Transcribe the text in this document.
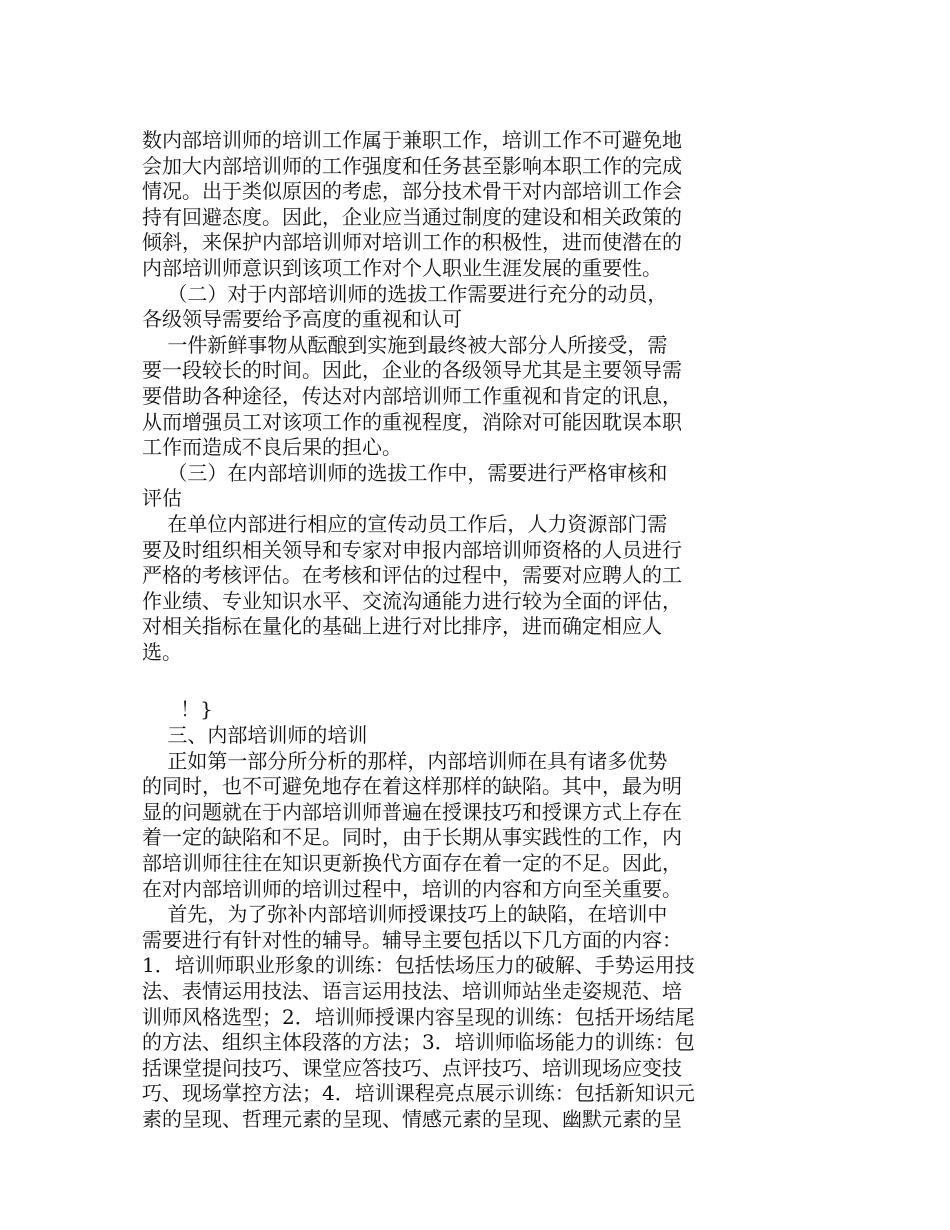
数内部培训师的培训工作属于兼职工作，培训工作不可避免地
会加大内部培训师的工作强度和任务甚至影响本职工作的完成
情况。出于类似原因的考虑，部分技术骨干对内部培训工作会
持有回避态度。因此，企业应当通过制度的建设和相关政策的
倾斜，来保护内部培训师对培训工作的积极性，进而使潜在的
内部培训师意识到该项工作对个人职业生涯发展的重要性。
（二）对于内部培训师的选拔工作需要进行充分的动员，
各级领导需要给予高度的重视和认可
一件新鲜事物从酝酿到实施到最终被大部分人所接受，需
要一段较长的时间。因此，企业的各级领导尤其是主要领导需
要借助各种途径，传达对内部培训师工作重视和肯定的讯息，
从而增强员工对该项工作的重视程度，消除对可能因耽误本职
工作而造成不良后果的担心。
（三）在内部培训师的选拔工作中，需要进行严格审核和
评估
在单位内部进行相应的宣传动员工作后，人力资源部门需
要及时组织相关领导和专家对申报内部培训师资格的人员进行
严格的考核评估。在考核和评估的过程中，需要对应聘人的工
作业绩、专业知识水平、交流沟通能力进行较为全面的评估，
对相关指标在量化的基础上进行对比排序，进而确定相应人
选。
！}
三、内部培训师的培训
正如第一部分所分析的那样，内部培训师在具有诸多优势
的同时，也不可避免地存在着这样那样的缺陷。其中，最为明
显的问题就在于内部培训师普遍在授课技巧和授课方式上存在
着一定的缺陷和不足。同时，由于长期从事实践性的工作，内
部培训师往往在知识更新换代方面存在着一定的不足。因此，
在对内部培训师的培训过程中，培训的内容和方向至关重要。
首先，为了弥补内部培训师授课技巧上的缺陷，在培训中
需要进行有针对性的辅导。辅导主要包括以下几方面的内容：
1．培训师职业形象的训练：包括怯场压力的破解、手势运用技
法、表情运用技法、语言运用技法、培训师站坐走姿规范、培
训师风格选型；2．培训师授课内容呈现的训练：包括开场结尾
的方法、组织主体段落的方法；3．培训师临场能力的训练：包
括课堂提问技巧、课堂应答技巧、点评技巧、培训现场应变技
巧、现场掌控方法；4．培训课程亮点展示训练：包括新知识元
素的呈现、哲理元素的呈现、情感元素的呈现、幽默元素的呈
